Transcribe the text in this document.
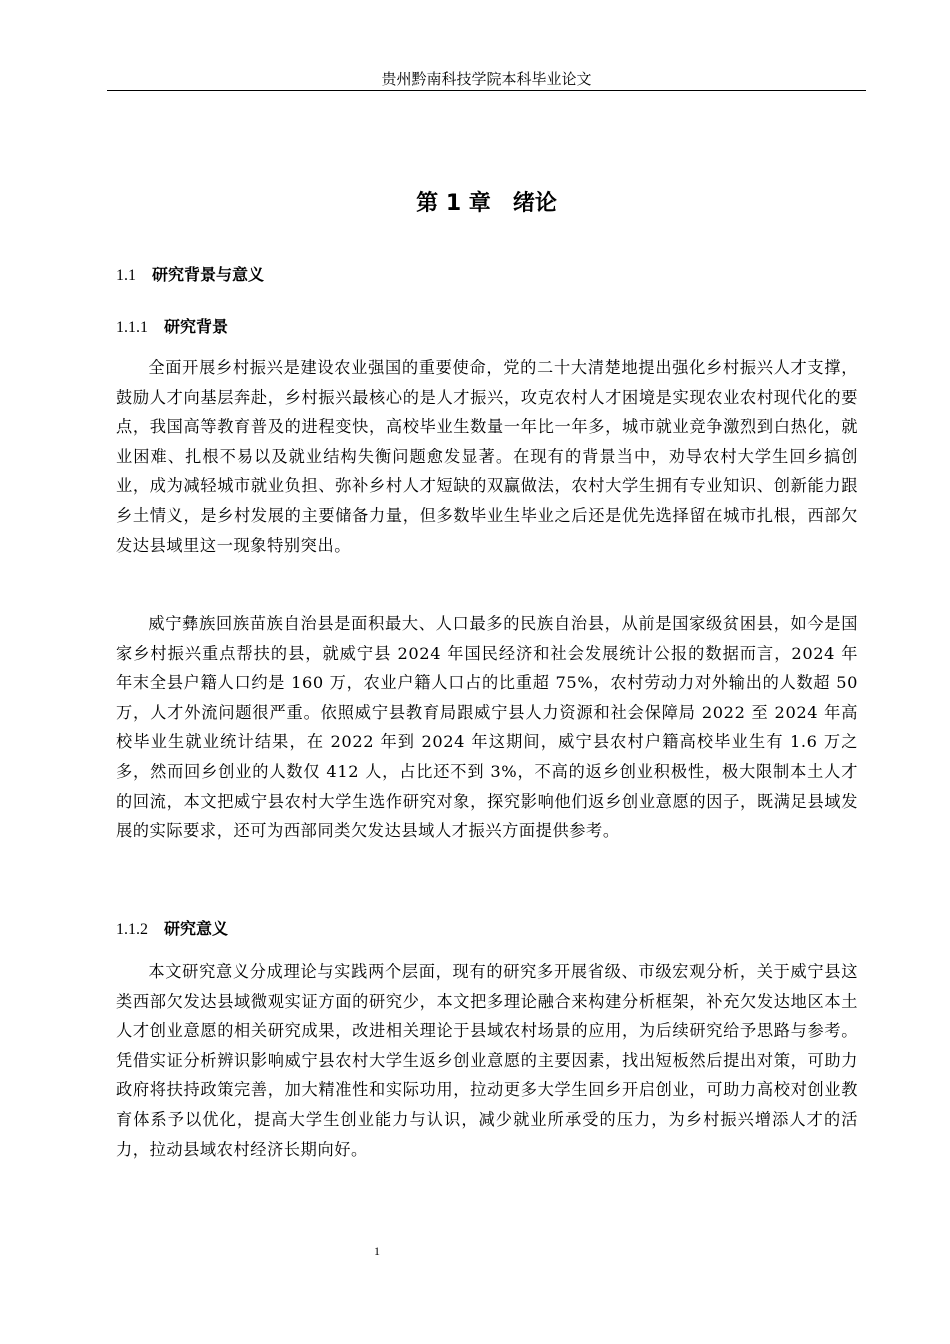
贵州黔南科技学院本科毕业论文
第 1 章 绪论
1.1 研究背景与意义
1.1.1 研究背景

全面开展乡村振兴是建设农业强国的重要使命，党的二十大清楚地提出强化乡村振兴人才支撑，鼓励人才向基层奔赴，乡村振兴最核心的是人才振兴，攻克农村人才困境是实现农业农村现代化的要点，我国高等教育普及的进程变快，高校毕业生数量一年比一年多，城市就业竞争激烈到白热化，就业困难、扎根不易以及就业结构失衡问题愈发显著。在现有的背景当中，劝导农村大学生回乡搞创业，成为减轻城市就业负担、弥补乡村人才短缺的双赢做法，农村大学生拥有专业知识、创新能力跟乡土情义，是乡村发展的主要储备力量，但多数毕业生毕业之后还是优先选择留在城市扎根，西部欠发达县域里这一现象特别突出。

威宁彝族回族苗族自治县是面积最大、人口最多的民族自治县，从前是国家级贫困县，如今是国家乡村振兴重点帮扶的县，就威宁县 2024 年国民经济和社会发展统计公报的数据而言，2024 年年末全县户籍人口约是 160 万，农业户籍人口占的比重超 75%，农村劳动力对外输出的人数超 50 万，人才外流问题很严重。依照威宁县教育局跟威宁县人力资源和社会保障局 2022 至 2024 年高校毕业生就业统计结果，在 2022 年到 2024 年这期间，威宁县农村户籍高校毕业生有 1.6 万之多，然而回乡创业的人数仅 412 人，占比还不到 3%，不高的返乡创业积极性，极大限制本土人才的回流，本文把威宁县农村大学生选作研究对象，探究影响他们返乡创业意愿的因子，既满足县域发展的实际要求，还可为西部同类欠发达县域人才振兴方面提供参考。

1.1.2 研究意义

本文研究意义分成理论与实践两个层面，现有的研究多开展省级、市级宏观分析，关于威宁县这类西部欠发达县域微观实证方面的研究少，本文把多理论融合来构建分析框架，补充欠发达地区本土人才创业意愿的相关研究成果，改进相关理论于县域农村场景的应用，为后续研究给予思路与参考。凭借实证分析辨识影响威宁县农村大学生返乡创业意愿的主要因素，找出短板然后提出对策，可助力政府将扶持政策完善，加大精准性和实际功用，拉动更多大学生回乡开启创业，可助力高校对创业教育体系予以优化，提高大学生创业能力与认识，减少就业所承受的压力，为乡村振兴增添人才的活力，拉动县域农村经济长期向好。

1
